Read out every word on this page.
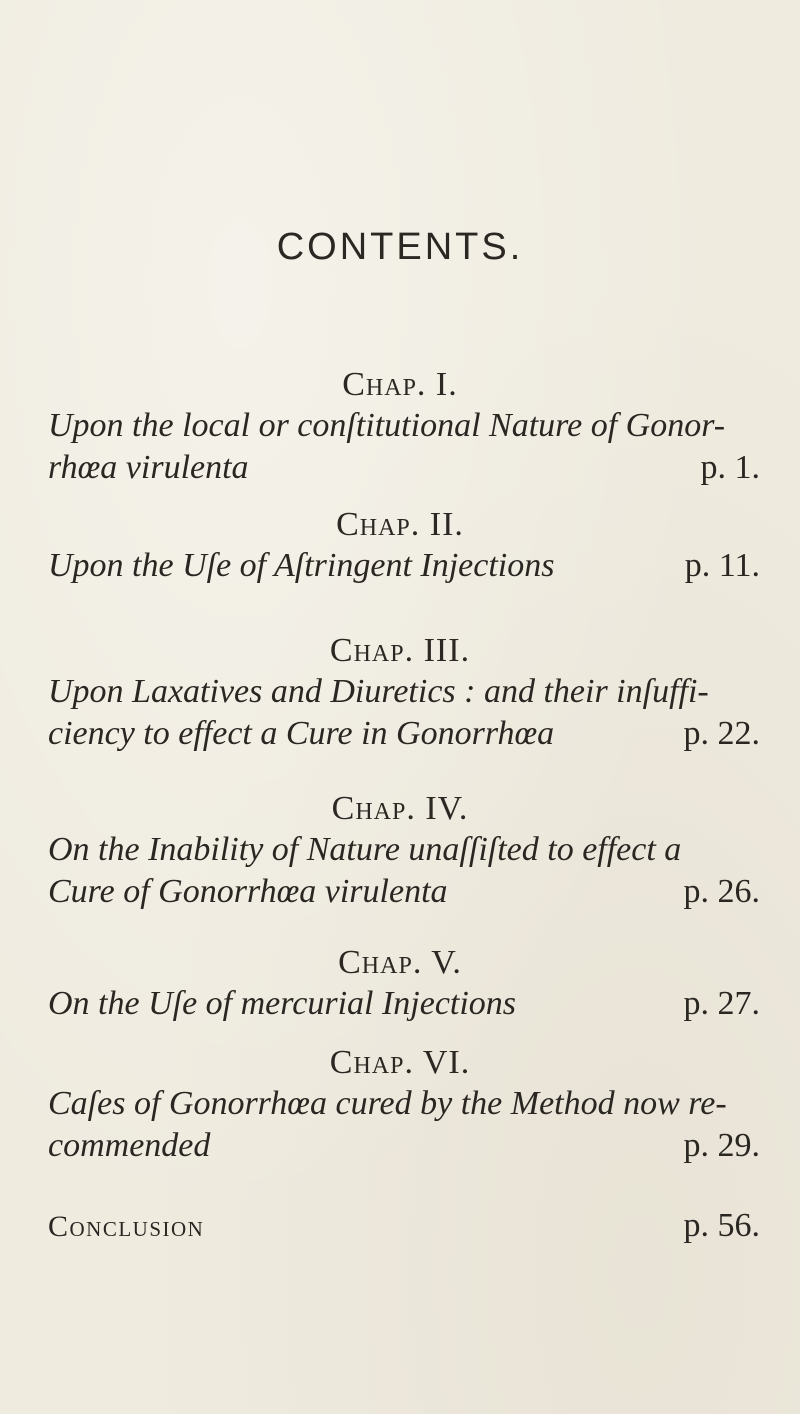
CONTENTS.
Chap. I.
Upon the local or conſtitutional Nature of Gonor-
rhœa virulenta	p. 1.
Chap. II.
Upon the Uſe of Aſtringent Injections	p. 11.
Chap. III.
Upon Laxatives and Diuretics : and their inſuffi-
ciency to effect a Cure in Gonorrhœa	p. 22.
Chap. IV.
On the Inability of Nature unaſſiſted to effect a
Cure of Gonorrhœa virulenta	p. 26.
Chap. V.
On the Uſe of mercurial Injections	p. 27.
Chap. VI.
Caſes of Gonorrhœa cured by the Method now re-
commended	p. 29.
Conclusion	p. 56.
